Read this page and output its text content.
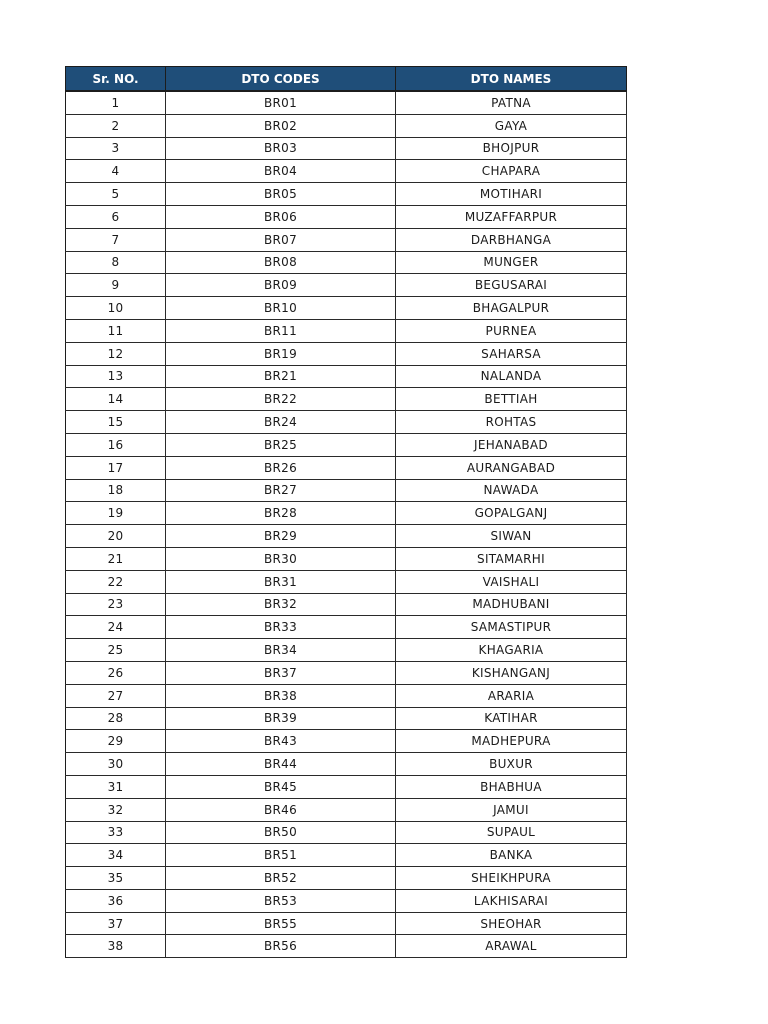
Sr. NO.	DTO CODES	DTO NAMES
1	BR01	PATNA
2	BR02	GAYA
3	BR03	BHOJPUR
4	BR04	CHAPARA
5	BR05	MOTIHARI
6	BR06	MUZAFFARPUR
7	BR07	DARBHANGA
8	BR08	MUNGER
9	BR09	BEGUSARAI
10	BR10	BHAGALPUR
11	BR11	PURNEA
12	BR19	SAHARSA
13	BR21	NALANDA
14	BR22	BETTIAH
15	BR24	ROHTAS
16	BR25	JEHANABAD
17	BR26	AURANGABAD
18	BR27	NAWADA
19	BR28	GOPALGANJ
20	BR29	SIWAN
21	BR30	SITAMARHI
22	BR31	VAISHALI
23	BR32	MADHUBANI
24	BR33	SAMASTIPUR
25	BR34	KHAGARIA
26	BR37	KISHANGANJ
27	BR38	ARARIA
28	BR39	KATIHAR
29	BR43	MADHEPURA
30	BR44	BUXUR
31	BR45	BHABHUA
32	BR46	JAMUI
33	BR50	SUPAUL
34	BR51	BANKA
35	BR52	SHEIKHPURA
36	BR53	LAKHISARAI
37	BR55	SHEOHAR
38	BR56	ARAWAL
